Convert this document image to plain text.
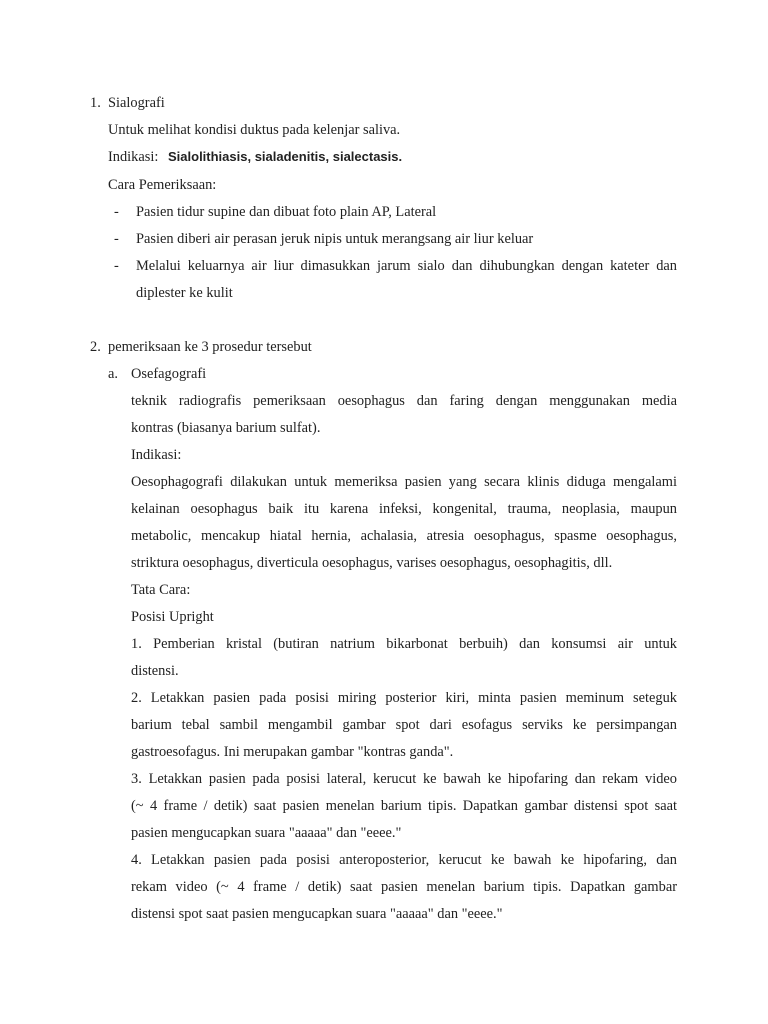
1. Sialografi
Untuk melihat kondisi duktus pada kelenjar saliva.
Indikasi: Sialolithiasis, sialadenitis, sialectasis.
Cara Pemeriksaan:
- Pasien tidur supine dan dibuat foto plain AP, Lateral
- Pasien diberi air perasan jeruk nipis untuk merangsang air liur keluar
- Melalui keluarnya air liur dimasukkan jarum sialo dan dihubungkan dengan kateter dan
diplester ke kulit
2. pemeriksaan ke 3 prosedur tersebut
a. Osefagografi
teknik radiografis pemeriksaan oesophagus dan faring dengan menggunakan media
kontras (biasanya barium sulfat).
Indikasi:
Oesophagografi dilakukan untuk memeriksa pasien yang secara klinis diduga mengalami
kelainan oesophagus baik itu karena infeksi, kongenital, trauma, neoplasia, maupun
metabolic, mencakup hiatal hernia, achalasia, atresia oesophagus, spasme oesophagus,
striktura oesophagus, diverticula oesophagus, varises oesophagus, oesophagitis, dll.
Tata Cara:
Posisi Upright
1. Pemberian kristal (butiran natrium bikarbonat berbuih) dan konsumsi air untuk
distensi.
2. Letakkan pasien pada posisi miring posterior kiri, minta pasien meminum seteguk
barium tebal sambil mengambil gambar spot dari esofagus serviks ke persimpangan
gastroesofagus. Ini merupakan gambar "kontras ganda".
3. Letakkan pasien pada posisi lateral, kerucut ke bawah ke hipofaring dan rekam video
(~ 4 frame / detik) saat pasien menelan barium tipis. Dapatkan gambar distensi spot saat
pasien mengucapkan suara "aaaaa" dan "eeee."
4. Letakkan pasien pada posisi anteroposterior, kerucut ke bawah ke hipofaring, dan
rekam video (~ 4 frame / detik) saat pasien menelan barium tipis. Dapatkan gambar
distensi spot saat pasien mengucapkan suara "aaaaa" dan "eeee."
